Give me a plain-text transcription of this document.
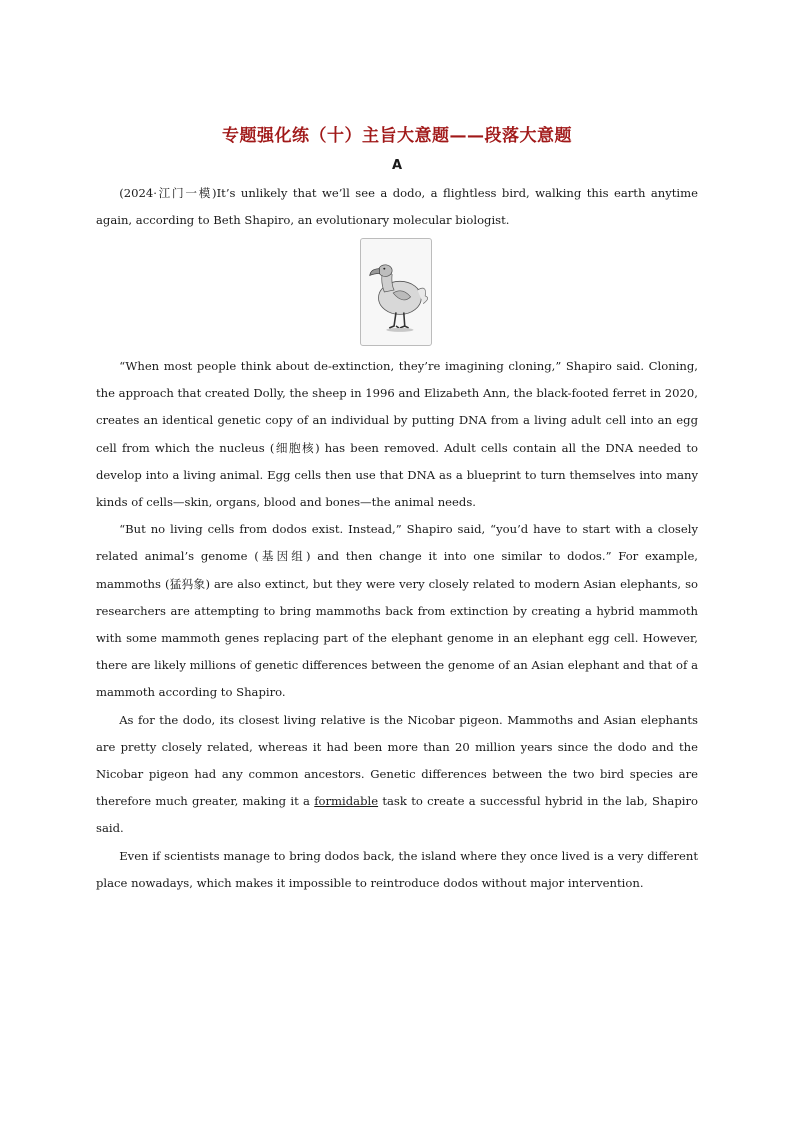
专题强化练（十）主旨大意题——段落大意题
A

(2024·江门一模)It’s unlikely that we’ll see a dodo, a flightless bird, walking this earth anytime again, according to Beth Shapiro, an evolutionary molecular biologist.

“When most people think about de-extinction, they’re imagining cloning,” Shapiro said. Cloning, the approach that created Dolly, the sheep in 1996 and Elizabeth Ann, the black-footed ferret in 2020, creates an identical genetic copy of an individual by putting DNA from a living adult cell into an egg cell from which the nucleus (细胞核) has been removed. Adult cells contain all the DNA needed to develop into a living animal. Egg cells then use that DNA as a blueprint to turn themselves into many kinds of cells—skin, organs, blood and bones—the animal needs.

“But no living cells from dodos exist. Instead,” Shapiro said, “you’d have to start with a closely related animal’s genome (基因组) and then change it into one similar to dodos.” For example, mammoths (猛犸象) are also extinct, but they were very closely related to modern Asian elephants, so researchers are attempting to bring mammoths back from extinction by creating a hybrid mammoth with some mammoth genes replacing part of the elephant genome in an elephant egg cell. However, there are likely millions of genetic differences between the genome of an Asian elephant and that of a mammoth according to Shapiro.

As for the dodo, its closest living relative is the Nicobar pigeon. Mammoths and Asian elephants are pretty closely related, whereas it had been more than 20 million years since the dodo and the Nicobar pigeon had any common ancestors. Genetic differences between the two bird species are therefore much greater, making it a formidable task to create a successful hybrid in the lab, Shapiro said.

Even if scientists manage to bring dodos back, the island where they once lived is a very different place nowadays, which makes it impossible to reintroduce dodos without major intervention.
